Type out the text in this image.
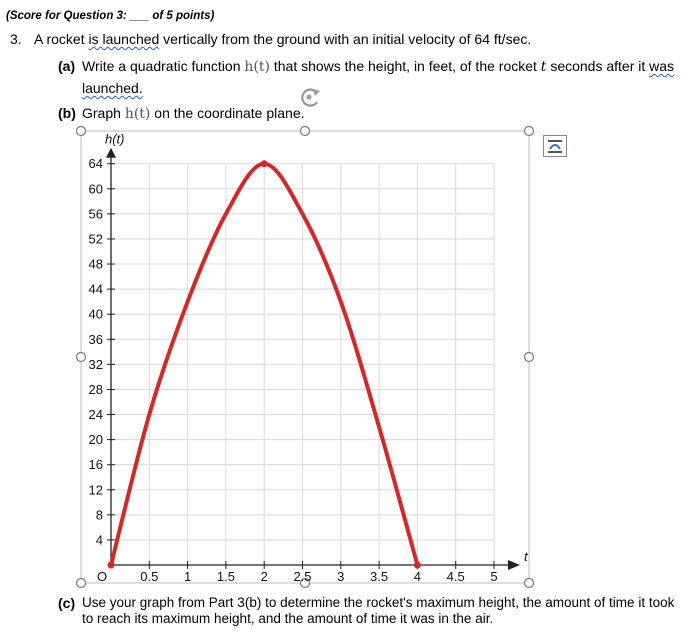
(Score for Question 3: ___ of 5 points)
3. A rocket is launched vertically from the ground with an initial velocity of 64 ft/sec.
(a) Write a quadratic function h(t) that shows the height, in feet, of the rocket t seconds after it was
launched.
(b) Graph h(t) on the coordinate plane.
0.5 1 1.5 2 2.5 3 3.5 4 4.5 5
4
8
12
16
20
24
28
32
36
40
44
48
52
56
60
64
h(t)
t
O
(c) Use your graph from Part 3(b) to determine the rocket's maximum height, the amount of time it took
to reach its maximum height, and the amount of time it was in the air.
